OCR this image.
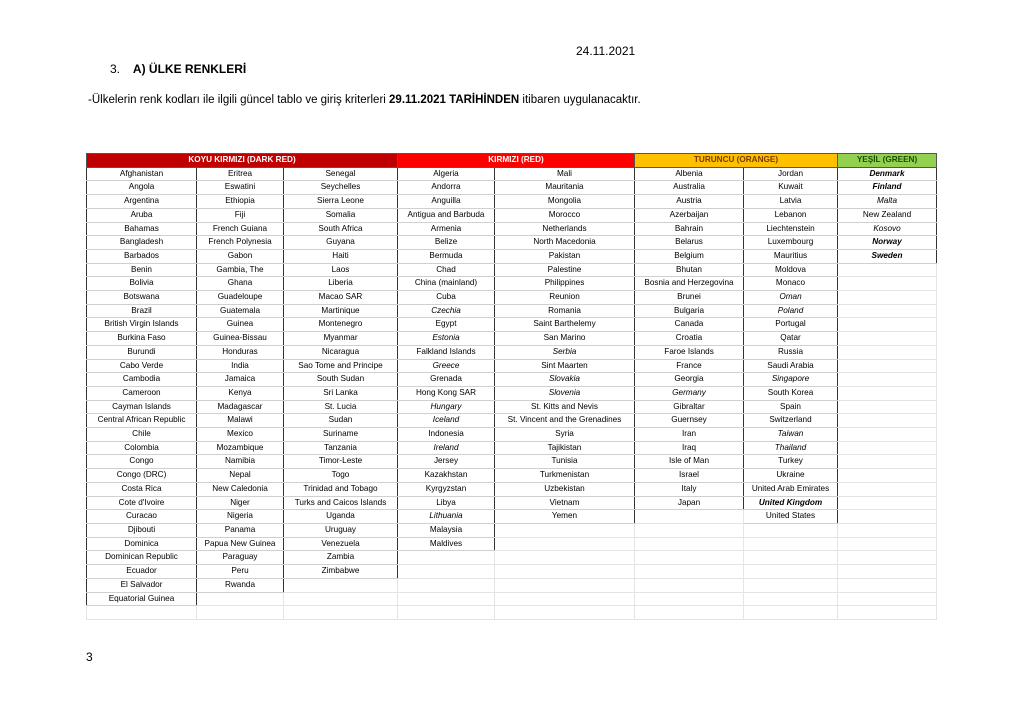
24.11.2021
3. A) ÜLKE RENKLERİ
-Ülkelerin renk kodları ile ilgili güncel tablo ve giriş kriterleri 29.11.2021 TARİHİNDEN itibaren uygulanacaktır.
KOYU KIRMIZI (DARK RED)			KIRMIZI (RED)		TURUNCU (ORANGE)		YEŞİL (GREEN)
Afghanistan	Eritrea	Senegal	Algeria	Mali	Albenia	Jordan	Denmark
Angola	Eswatini	Seychelles	Andorra	Mauritania	Australia	Kuwait	Finland
Argentina	Ethiopia	Sierra Leone	Anguilla	Mongolia	Austria	Latvia	Malta
Aruba	Fiji	Somalia	Antigua and Barbuda	Morocco	Azerbaijan	Lebanon	New Zealand
Bahamas	French Guiana	South Africa	Armenia	Netherlands	Bahrain	Liechtenstein	Kosovo
Bangladesh	French Polynesia	Guyana	Belize	North Macedonia	Belarus	Luxembourg	Norway
Barbados	Gabon	Haiti	Bermuda	Pakistan	Belgium	Mauritius	Sweden
Benin	Gambia, The	Laos	Chad	Palestine	Bhutan	Moldova	
Bolivia	Ghana	Liberia	China (mainland)	Philippines	Bosnia and Herzegovina	Monaco	
Botswana	Guadeloupe	Macao SAR	Cuba	Reunion	Brunei	Oman	
Brazil	Guatemala	Martinique	Czechia	Romania	Bulgaria	Poland	
British Virgin Islands	Guinea	Montenegro	Egypt	Saint Barthelemy	Canada	Portugal	
Burkina Faso	Guinea-Bissau	Myanmar	Estonia	San Marino	Croatia	Qatar	
Burundi	Honduras	Nicaragua	Falkland Islands	Serbia	Faroe Islands	Russia	
Cabo Verde	India	Sao Tome and Principe	Greece	Sint Maarten	France	Saudi Arabia	
Cambodia	Jamaica	South Sudan	Grenada	Slovakia	Georgia	Singapore	
Cameroon	Kenya	Sri Lanka	Hong Kong SAR	Slovenia	Germany	South Korea	
Cayman Islands	Madagascar	St. Lucia	Hungary	St. Kitts and Nevis	Gibraltar	Spain	
Central African Republic	Malawi	Sudan	Iceland	St. Vincent and the Grenadines	Guernsey	Switzerland	
Chile	Mexico	Suriname	Indonesia	Syria	Iran	Taiwan	
Colombia	Mozambique	Tanzania	Ireland	Tajikistan	Iraq	Thailand	
Congo	Namibia	Timor-Leste	Jersey	Tunisia	Isle of Man	Turkey	
Congo (DRC)	Nepal	Togo	Kazakhstan	Turkmenistan	Israel	Ukraine	
Costa Rica	New Caledonia	Trinidad and Tobago	Kyrgyzstan	Uzbekistan	Italy	United Arab Emirates	
Cote d'Ivoire	Niger	Turks and Caicos Islands	Libya	Vietnam	Japan	United Kingdom	
Curacao	Nigeria	Uganda	Lithuania	Yemen		United States	
Djibouti	Panama	Uruguay	Malaysia				
Dominica	Papua New Guinea	Venezuela	Maldives				
Dominican Republic	Paraguay	Zambia					
Ecuador	Peru	Zimbabwe					
El Salvador	Rwanda						
Equatorial Guinea							

3
